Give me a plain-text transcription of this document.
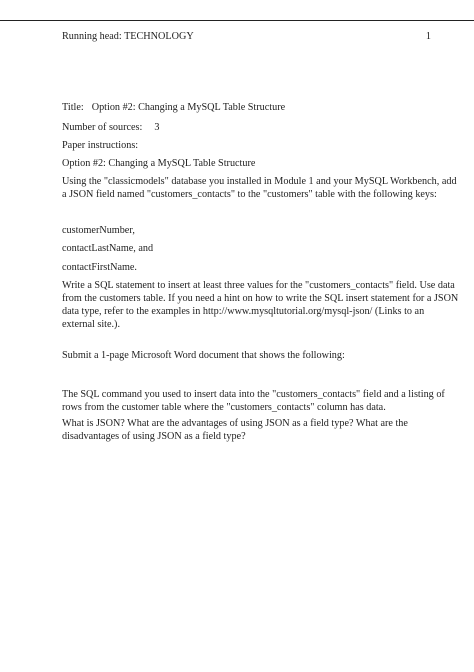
Running head: TECHNOLOGY	1

Title: Option #2: Changing a MySQL Table Structure

Number of sources: 3

Paper instructions:
Option #2: Changing a MySQL Table Structure

Using the "classicmodels" database you installed in Module 1 and your MySQL Workbench, add

a JSON field named "customers_contacts" to the "customers" table with the following keys:

customerNumber,
contactLastName, and
contactFirstName.

Write a SQL statement to insert at least three values for the "customers_contacts" field. Use data

from the customers table. If you need a hint on how to write the SQL insert statement for a JSON

data type, refer to the examples in http://www.mysqltutorial.org/mysql-json/ (Links to an

external site.).

Submit a 1-page Microsoft Word document that shows the following:

The SQL command you used to insert data into the "customers_contacts" field and a listing of

rows from the customer table where the "customers_contacts" column has data.

What is JSON? What are the advantages of using JSON as a field type? What are the

disadvantages of using JSON as a field type?
